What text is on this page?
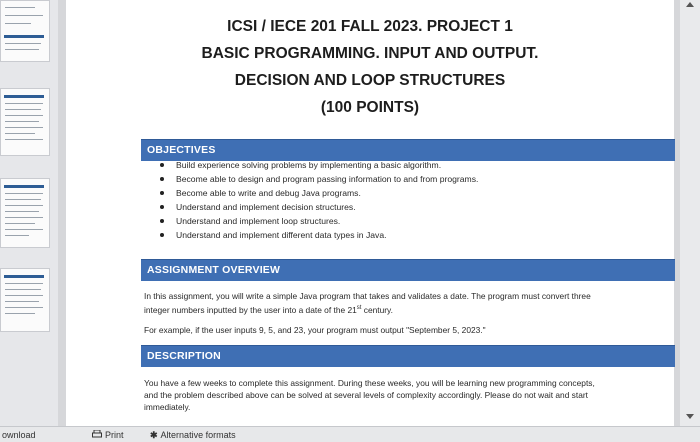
ICSI / IECE 201 FALL 2023. PROJECT 1
BASIC PROGRAMMING. INPUT AND OUTPUT.
DECISION AND LOOP STRUCTURES
(100 POINTS)
OBJECTIVES
Build experience solving problems by implementing a basic algorithm.
Become able to design and program passing information to and from programs.
Become able to write and debug Java programs.
Understand and implement decision structures.
Understand and implement loop structures.
Understand and implement different data types in Java.
ASSIGNMENT OVERVIEW
In this assignment, you will write a simple Java program that takes and validates a date. The program must convert three
integer numbers inputted by the user into a date of the 21st century.
For example, if the user inputs 9, 5, and 23, your program must output "September 5, 2023."
DESCRIPTION
You have a few weeks to complete this assignment. During these weeks, you will be learning new programming concepts,
and the problem described above can be solved at several levels of complexity accordingly. Please do not wait and start
immediately.
ownload	Print	✱ Alternative formats
